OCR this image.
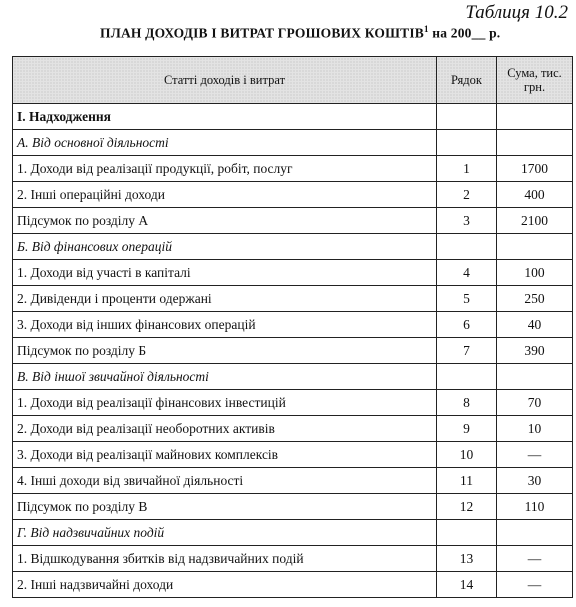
Таблиця 10.2
ПЛАН ДОХОДІВ І ВИТРАТ ГРОШОВИХ КОШТІВ$^1$ на 200__ р.
Статті доходів і витрат	Рядок	Сума, тис. грн.
І. Надходження		
А. Від основної діяльності		
1. Доходи від реалізації продукції, робіт, послуг	1	1700
2. Інші операційні доходи	2	400
Підсумок по розділу А	3	2100
Б. Від фінансових операцій		
1. Доходи від участі в капіталі	4	100
2. Дивіденди і проценти одержані	5	250
3. Доходи від інших фінансових операцій	6	40
Підсумок по розділу Б	7	390
В. Від іншої звичайної діяльності		
1. Доходи від реалізації фінансових інвестицій	8	70
2. Доходи від реалізації необоротних активів	9	10
3. Доходи від реалізації майнових комплексів	10	—
4. Інші доходи від звичайної діяльності	11	30
Підсумок по розділу В	12	110
Г. Від надзвичайних подій		
1. Відшкодування збитків від надзвичайних подій	13	—
2. Інші надзвичайні доходи	14	—
